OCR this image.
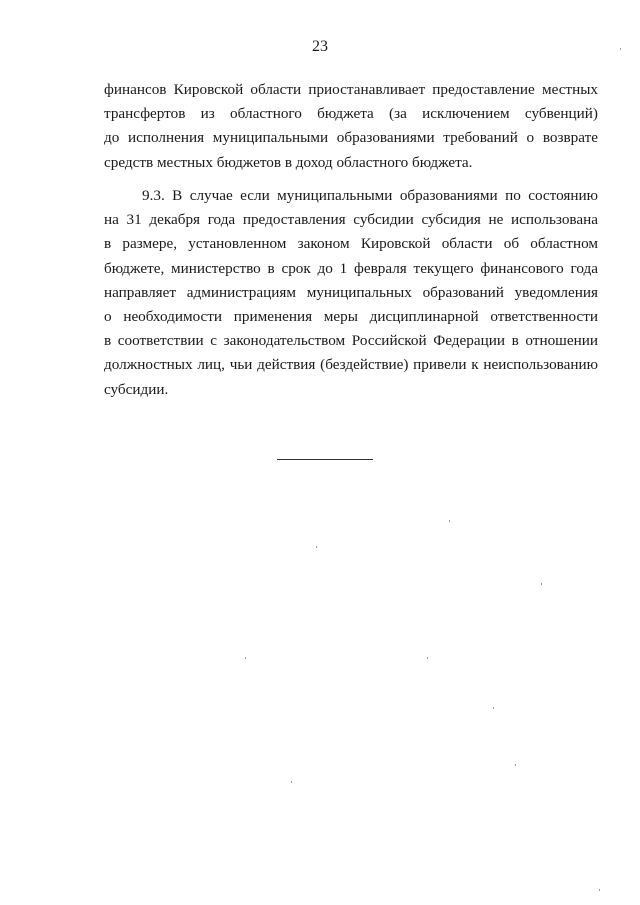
23
финансов Кировской области приостанавливает предоставление местных
трансфертов из областного бюджета (за исключением субвенций)
до исполнения муниципальными образованиями требований о возврате
средств местных бюджетов в доход областного бюджета.
9.3. В случае если муниципальными образованиями по состоянию
на 31 декабря года предоставления субсидии субсидия не использована
в размере, установленном законом Кировской области об областном
бюджете, министерство в срок до 1 февраля текущего финансового года
направляет администрациям муниципальных образований уведомления
о необходимости применения меры дисциплинарной ответственности
в соответствии с законодательством Российской Федерации в отношении
должностных лиц, чьи действия (бездействие) привели к неиспользованию
субсидии.
